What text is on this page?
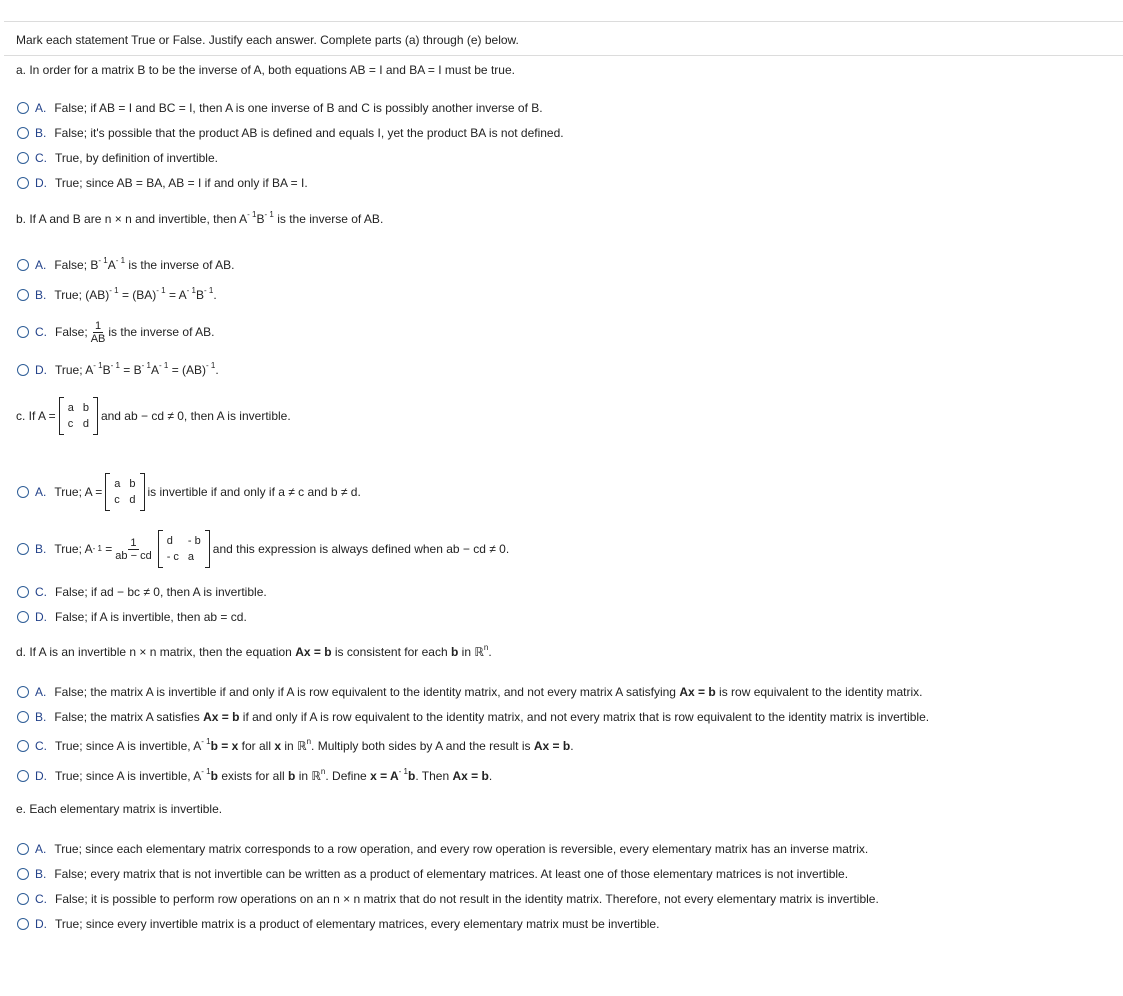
Mark each statement True or False. Justify each answer. Complete parts (a) through (e) below.
a. In order for a matrix B to be the inverse of A, both equations AB = I and BA = I must be true.
A. False; if AB = I and BC = I, then A is one inverse of B and C is possibly another inverse of B.
B. False; it's possible that the product AB is defined and equals I, yet the product BA is not defined.
C. True, by definition of invertible.
D. True; since AB = BA, AB = I if and only if BA = I.
b. If A and B are n × n and invertible, then $A^{- 1}B^{- 1}$ is the inverse of AB.
A. False; $B^{- 1}A^{- 1}$ is the inverse of AB.
B. True; $(AB)^{- 1} = (BA)^{- 1} = A^{- 1}B^{- 1}$.
C. False; $\frac{1}{AB}$ is the inverse of AB.
D. True; $A^{- 1}B^{- 1} = B^{- 1}A^{- 1} = (AB)^{- 1}$.
c. If A =
a b
c d
and ab − cd ≠ 0, then A is invertible.
A. True; A =
a b
c d
is invertible if and only if a ≠ c and b ≠ d.
B. True; A - 1
= $\frac{1}{ab - cd}$ d	- b
- c a
and this expression is always defined when ab − cd ≠ 0.
C. False; if ad − bc ≠ 0, then A is invertible.
D. False; if A is invertible, then ab = cd.
d. If A is an invertible n × n matrix, then the equation Ax = b is consistent for each b in ℝ$^n$.
A. False; the matrix A is invertible if and only if A is row equivalent to the identity matrix, and not every matrix A satisfying Ax = b is row equivalent to the identity matrix.
B. False; the matrix A satisfies Ax = b if and only if A is row equivalent to the identity matrix, and not every matrix that is row equivalent to the identity matrix is invertible.
C. True; since A is invertible, $A^{- 1}b = x$ for all x in ℝ$^n$. Multiply both sides by A and the result is Ax = b.
D. True; since A is invertible, $A^{- 1}b$ exists for all b in ℝ$^n$. Define $x = A^{- 1}b$. Then Ax = b.
e. Each elementary matrix is invertible.
A. True; since each elementary matrix corresponds to a row operation, and every row operation is reversible, every elementary matrix has an inverse matrix.
B. False; every matrix that is not invertible can be written as a product of elementary matrices. At least one of those elementary matrices is not invertible.
C. False; it is possible to perform row operations on an n × n matrix that do not result in the identity matrix. Therefore, not every elementary matrix is invertible.
D. True; since every invertible matrix is a product of elementary matrices, every elementary matrix must be invertible.
